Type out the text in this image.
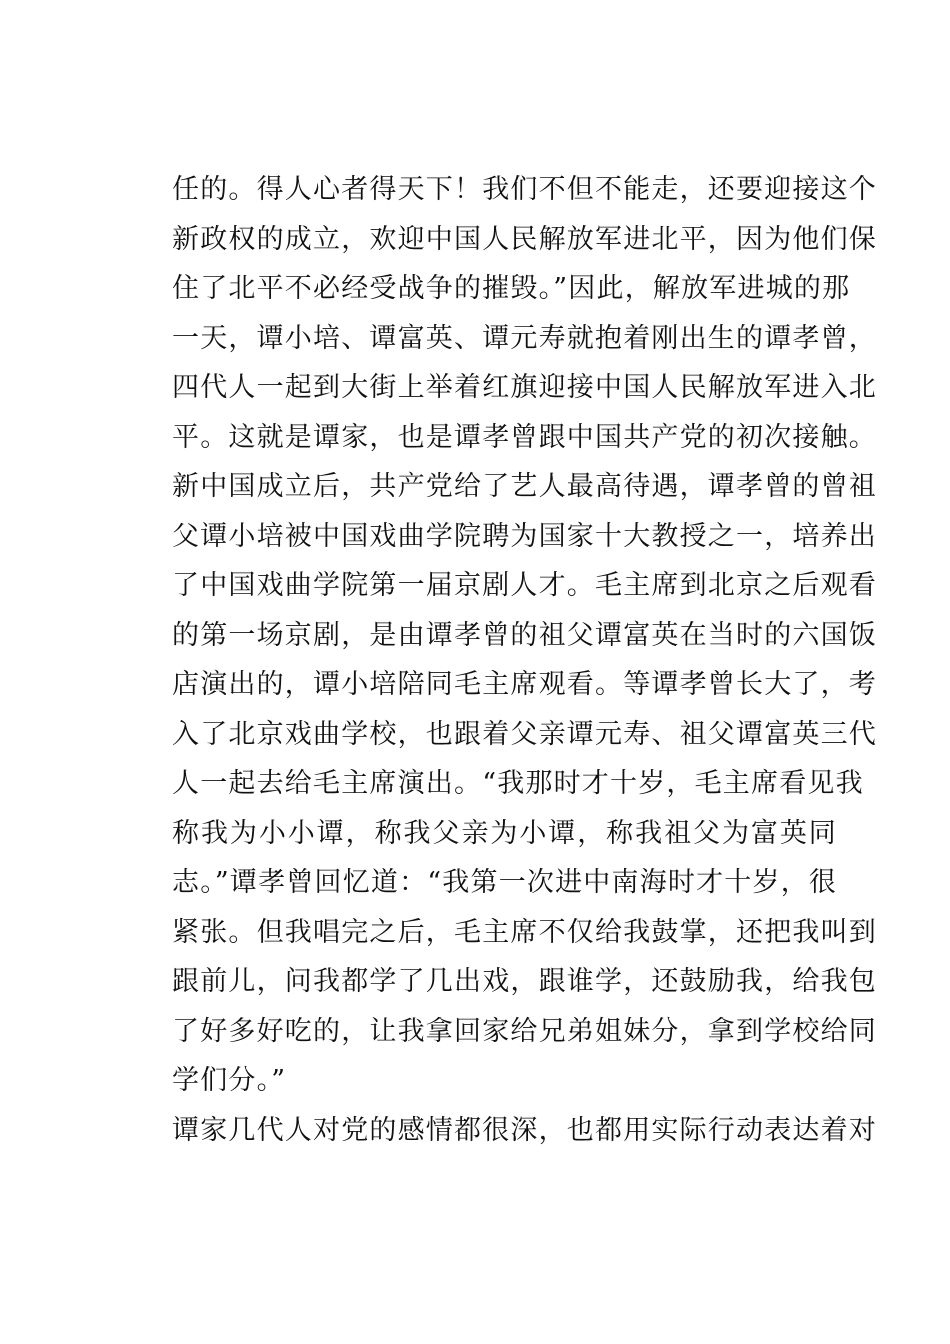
任的。得人心者得天下！我们不但不能走，还要迎接这个
新政权的成立，欢迎中国人民解放军进北平，因为他们保
住了北平不必经受战争的摧毁。”因此，解放军进城的那
一天，谭小培、谭富英、谭元寿就抱着刚出生的谭孝曾，
四代人一起到大街上举着红旗迎接中国人民解放军进入北
平。这就是谭家，也是谭孝曾跟中国共产党的初次接触。
新中国成立后，共产党给了艺人最高待遇，谭孝曾的曾祖
父谭小培被中国戏曲学院聘为国家十大教授之一，培养出
了中国戏曲学院第一届京剧人才。毛主席到北京之后观看
的第一场京剧，是由谭孝曾的祖父谭富英在当时的六国饭
店演出的，谭小培陪同毛主席观看。等谭孝曾长大了，考
入了北京戏曲学校，也跟着父亲谭元寿、祖父谭富英三代
人一起去给毛主席演出。“我那时才十岁，毛主席看见我
称我为小小谭，称我父亲为小谭，称我祖父为富英同
志。”谭孝曾回忆道：“我第一次进中南海时才十岁，很
紧张。但我唱完之后，毛主席不仅给我鼓掌，还把我叫到
跟前儿，问我都学了几出戏，跟谁学，还鼓励我，给我包
了好多好吃的，让我拿回家给兄弟姐妹分，拿到学校给同
学们分。”
谭家几代人对党的感情都很深，也都用实际行动表达着对
